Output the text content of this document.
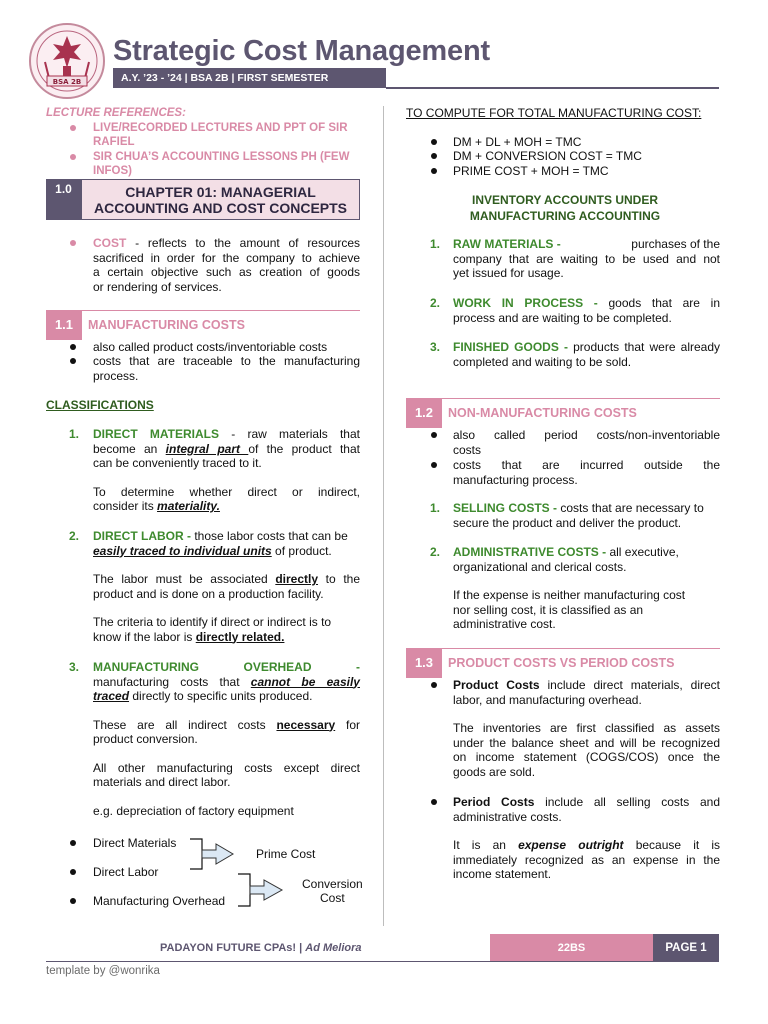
BSA 2B
Strategic Cost Management
A.Y. ’23 - ’24 | BSA 2B | FIRST SEMESTER
LECTURE REFERENCES:
LIVE/RECORDED LECTURES AND PPT OF SIR
RAFIEL
SIR CHUA’S ACCOUNTING LESSONS PH (FEW
INFOS)
1.0	CHAPTER 01: MANAGERIAL
ACCOUNTING AND COST CONCEPTS
COST - reflects to the amount of resources
sacrificed in order for the company to achieve
a certain objective such as creation of goods
or rendering of services.
1.1	MANUFACTURING COSTS
also called product costs/inventoriable costs
costs that are traceable to the manufacturing
process.
CLASSIFICATIONS
1. DIRECT MATERIALS - raw materials that
become an integral part of the product that
can be conveniently traced to it.
To determine whether direct or indirect,
consider its materiality.
2. DIRECT LABOR - those labor costs that can be
easily traced to individual units of product.
The labor must be associated directly to the
product and is done on a production facility.
The criteria to identify if direct or indirect is to
know if the labor is directly related.
3. MANUFACTURING	OVERHEAD	-
manufacturing costs that cannot be easily
traced directly to specific units produced.
These are all indirect costs necessary for
product conversion.
All other manufacturing costs except direct
materials and direct labor.
e.g. depreciation of factory equipment
Direct Materials
Direct Labor
Manufacturing Overhead
Prime Cost
Conversion
Cost
TO COMPUTE FOR TOTAL MANUFACTURING COST:
DM + DL + MOH = TMC
DM + CONVERSION COST = TMC
PRIME COST + MOH = TMC
INVENTORY ACCOUNTS UNDER
MANUFACTURING ACCOUNTING
1. RAW MATERIALS -	purchases of the
company that are waiting to be used and not
yet issued for usage.
2. WORK IN PROCESS - goods that are in
process and are waiting to be completed.
3. FINISHED GOODS - products that were already
completed and waiting to be sold.
1.2	NON-MANUFACTURING COSTS
also called period costs/non-inventoriable
costs
costs that are incurred outside the
manufacturing process.
1. SELLING COSTS - costs that are necessary to
secure the product and deliver the product.
2. ADMINISTRATIVE COSTS - all executive,
organizational and clerical costs.
If the expense is neither manufacturing cost
nor selling cost, it is classified as an
administrative cost.
1.3	PRODUCT COSTS VS PERIOD COSTS
Product Costs include direct materials, direct
labor, and manufacturing overhead.
The inventories are first classified as assets
under the balance sheet and will be recognized
on income statement (COGS/COS) once the
goods are sold.
Period Costs include all selling costs and
administrative costs.
It is an expense outright because it is
immediately recognized as an expense in the
income statement.
PADAYON FUTURE CPAs! | Ad Meliora	22BS	PAGE 1
template by @wonrika
